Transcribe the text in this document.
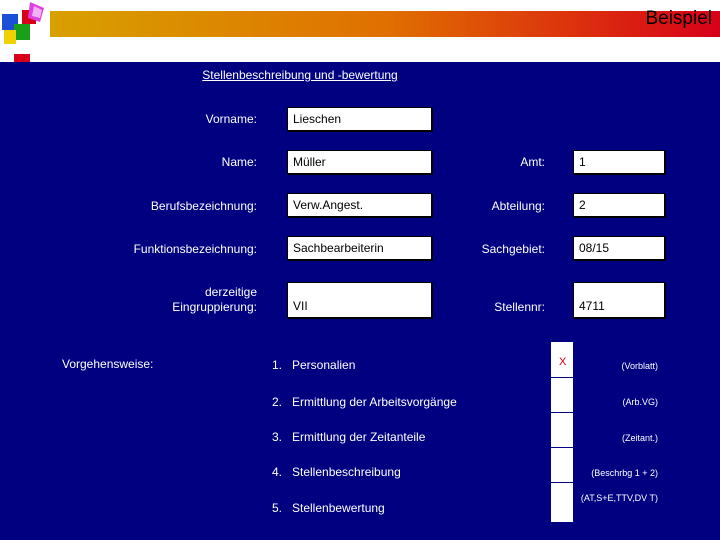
Beispiel
Stellenbeschreibung und -bewertung
Vorname:
Name:
Berufsbezeichnung:
Funktionsbezeichnung:
derzeitige Eingruppierung:
Lieschen
Müller
Verw.Angest.
Sachbearbeiterin
VII
Amt:
Abteilung:
Sachgebiet:
Stellennr:
1
2
08/15
4711
Vorgehensweise:	1. Personalien
2. Ermittlung der Arbeitsvorgänge
3. Ermittlung der Zeitanteile
4. Stellenbeschreibung
5. Stellenbewertung
X	(Vorblatt)
(Arb.VG)
(Zeitant.)
(Beschrbg 1 + 2)
(AT,S+E,TTV,DV T)
